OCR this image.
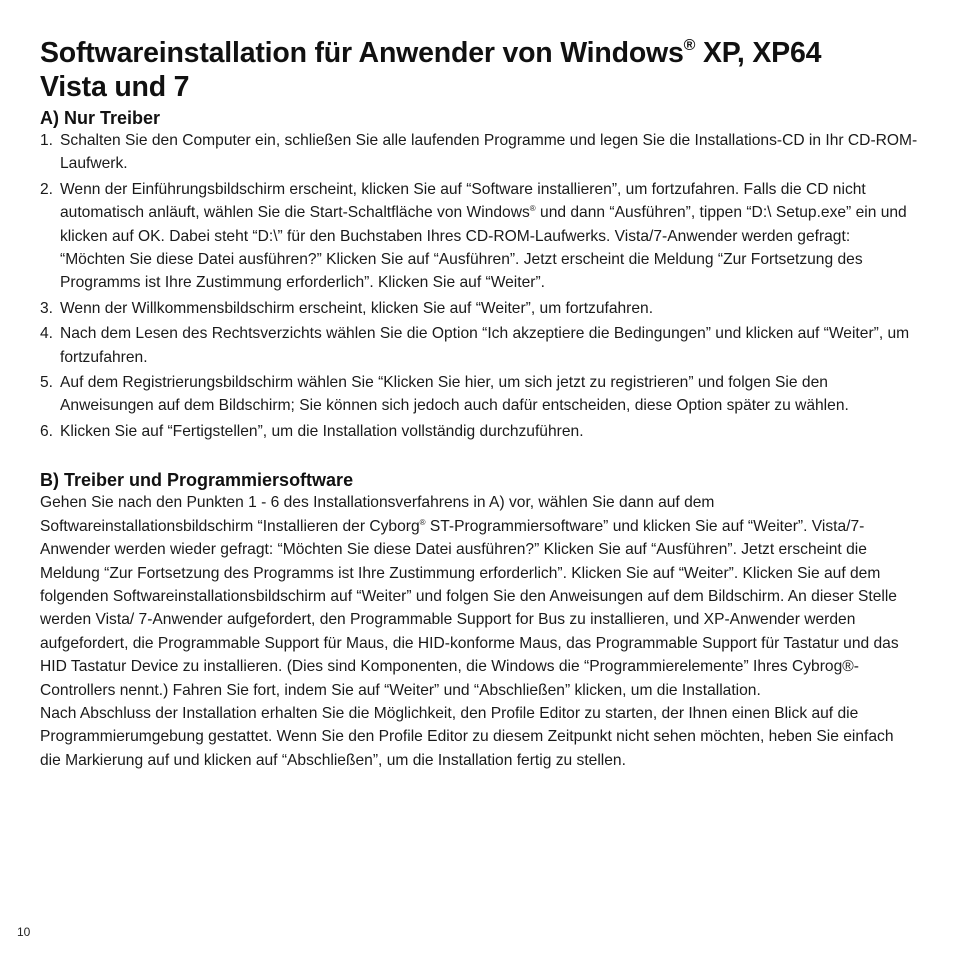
Softwareinstallation für Anwender von Windows® XP, XP64
Vista und 7
A) Nur Treiber
1. Schalten Sie den Computer ein, schließen Sie alle laufenden Programme und legen Sie die Installations-CD in Ihr CD-ROM-Laufwerk.
2. Wenn der Einführungsbildschirm erscheint, klicken Sie auf “Software installieren”, um fortzufahren. Falls die CD nicht automatisch anläuft, wählen Sie die Start-Schaltfläche von Windows® und dann “Ausführen”, tippen “D:\ Setup.exe” ein und klicken auf OK. Dabei steht “D:\” für den Buchstaben Ihres CD-ROM-Laufwerks. Vista/7-Anwender werden gefragt: “Möchten Sie diese Datei ausführen?” Klicken Sie auf “Ausführen”. Jetzt erscheint die Meldung “Zur Fortsetzung des Programms ist Ihre Zustimmung erforderlich”. Klicken Sie auf “Weiter”.
3. Wenn der Willkommensbildschirm erscheint, klicken Sie auf “Weiter”, um fortzufahren.
4. Nach dem Lesen des Rechtsverzichts wählen Sie die Option “Ich akzeptiere die Bedingungen” und klicken auf “Weiter”, um fortzufahren.
5. Auf dem Registrierungsbildschirm wählen Sie “Klicken Sie hier, um sich jetzt zu registrieren” und folgen Sie den Anweisungen auf dem Bildschirm; Sie können sich jedoch auch dafür entscheiden, diese Option später zu wählen.
6. Klicken Sie auf “Fertigstellen”, um die Installation vollständig durchzuführen.
B) Treiber und Programmiersoftware

Gehen Sie nach den Punkten 1 - 6 des Installationsverfahrens in A) vor, wählen Sie dann auf dem Softwareinstallationsbildschirm “Installieren der Cyborg® ST-Programmiersoftware” und klicken Sie auf “Weiter”. Vista/7-Anwender werden wieder gefragt: “Möchten Sie diese Datei ausführen?” Klicken Sie auf “Ausführen”. Jetzt erscheint die Meldung “Zur Fortsetzung des Programms ist Ihre Zustimmung erforderlich”. Klicken Sie auf “Weiter”. Klicken Sie auf dem folgenden Softwareinstallationsbildschirm auf “Weiter” und folgen Sie den Anweisungen auf dem Bildschirm. An dieser Stelle werden Vista/ 7-Anwender aufgefordert, den Programmable Support for Bus zu installieren, und XP-Anwender werden aufgefordert, die Programmable Support für Maus, die HID-konforme Maus, das Programmable Support für Tastatur und das HID Tastatur Device zu installieren. (Dies sind Komponenten, die Windows die “Programmierelemente” Ihres Cybrog®-Controllers nennt.) Fahren Sie fort, indem Sie auf “Weiter” und “Abschließen” klicken, um die Installation.

Nach Abschluss der Installation erhalten Sie die Möglichkeit, den Profile Editor zu starten, der Ihnen einen Blick auf die Programmierumgebung gestattet. Wenn Sie den Profile Editor zu diesem Zeitpunkt nicht sehen möchten, heben Sie einfach die Markierung auf und klicken auf “Abschließen”, um die Installation fertig zu stellen.

10
